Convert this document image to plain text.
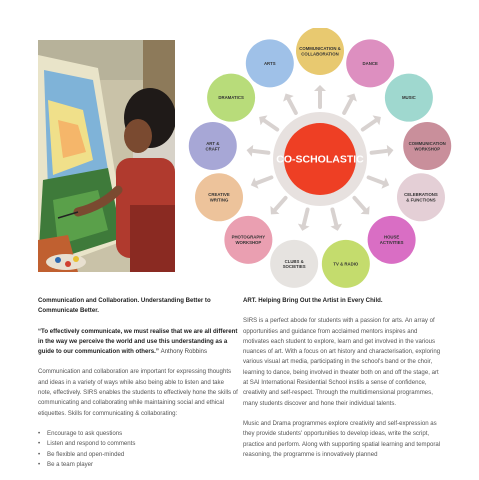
COMMUNICATION & COLLABORATION
DANCE
MUSIC
COMMUNICATION WORKSHOP
CELEBRATIONS & FUNCTIONS
HOUSE ACTIVITIES
TV & RADIO
CLUBS & SOCIETIES
PHOTOGRAPHY WORKSHOP
CREATIVE WRITING
ART & CRAFT
DRAMATICS
ARTS
CO-SCHOLASTIC

Communication and Collaboration. Understanding Better to Communicate Better.

“To effectively communicate, we must realise that we are all different in the way we perceive the world and use this understanding as a guide to our communication with others.” Anthony Robbins

Communication and collaboration are important for expressing thoughts and ideas in a variety of ways while also being able to listen and take note, effectively. SIRS enables the students to effectively hone the skills of communicating and collaborating while maintaining social and ethical etiquettes. Skills for communicating & collaborating:

• Encourage to ask questions
• Listen and respond to comments
• Be flexible and open-minded
• Be a team player

ART. Helping Bring Out the Artist in Every Child.

SIRS is a perfect abode for students with a passion for arts. An array of opportunities and guidance from acclaimed mentors inspires and motivates each student to explore, learn and get involved in the various nuances of art. With a focus on art history and characterisation, exploring various visual art media, participating in the school's band or the choir, learning to dance, being involved in theater both on and off the stage, art at SAI International Residential School instils a sense of confidence, creativity and self-respect. Through the multidimensional programmes, many students discover and hone their individual talents.

Music and Drama programmes explore creativity and self-expression as they provide students' opportunities to develop ideas, write the script, practice and perform. Along with supporting spatial learning and temporal reasoning, the programme is innovatively planned
